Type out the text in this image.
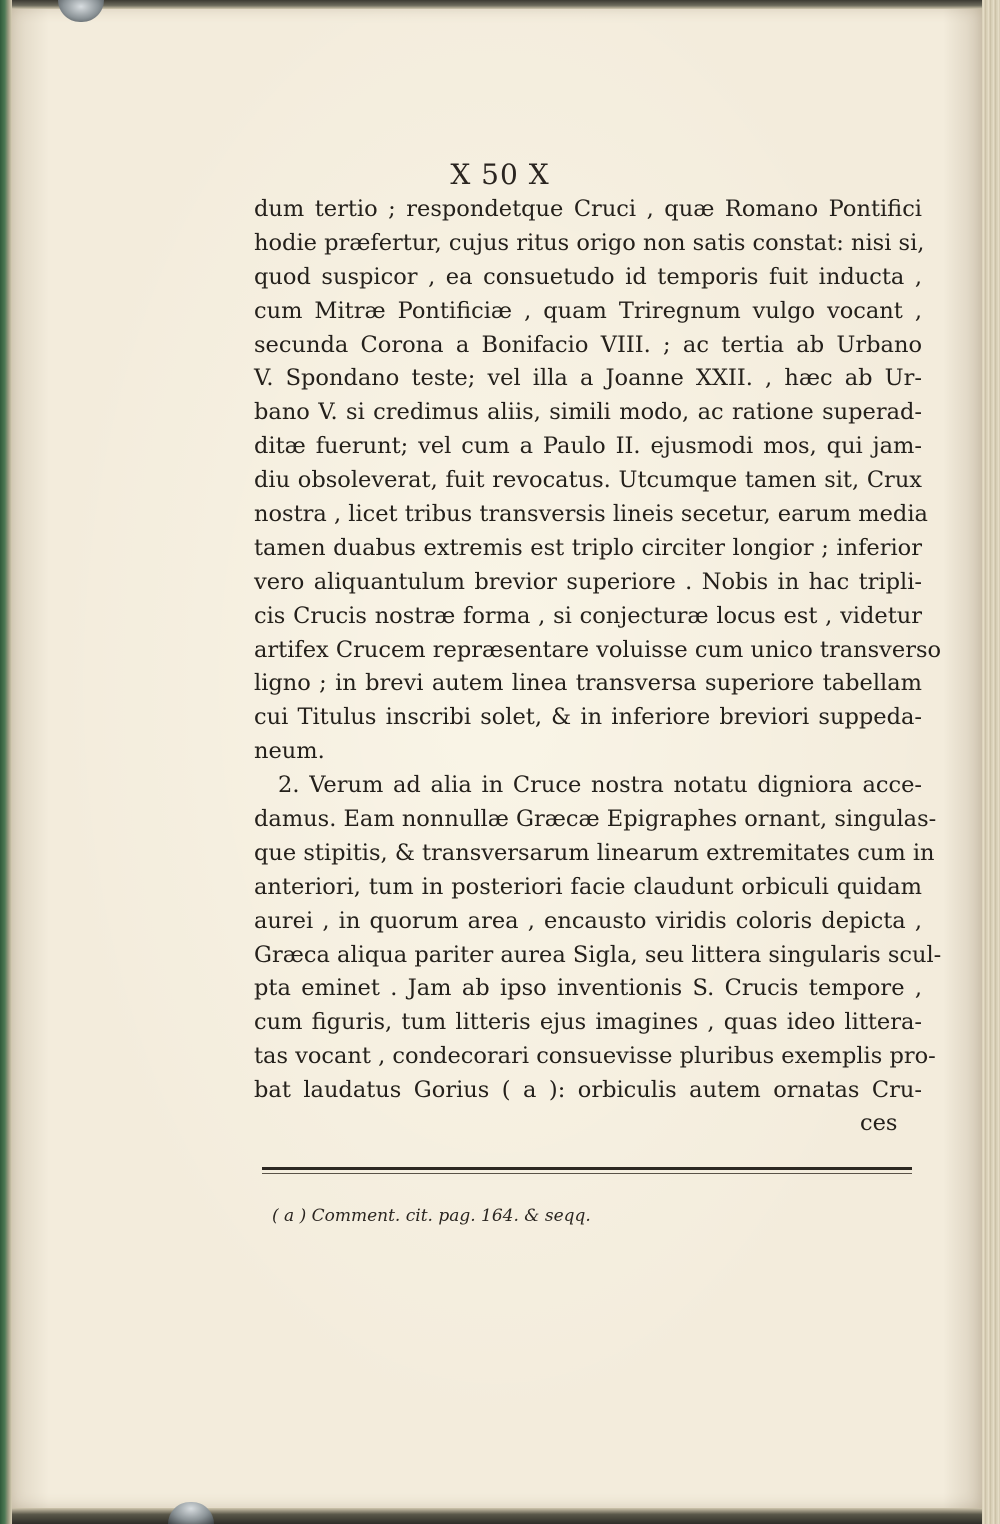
X 50 X
dum tertio ; respondetque Cruci , quæ Romano Pontifici
hodie præfertur, cujus ritus origo non satis constat: nisi si,
quod suspicor , ea consuetudo id temporis fuit inducta ,
cum Mitræ Pontificiæ , quam Triregnum vulgo vocant ,
secunda Corona a Bonifacio VIII. ; ac tertia ab Urbano
V. Spondano teste; vel illa a Joanne XXII. , hæc ab Ur-
bano V. si credimus aliis, simili modo, ac ratione superad-
ditæ fuerunt; vel cum a Paulo II. ejusmodi mos, qui jam-
diu obsoleverat, fuit revocatus. Utcumque tamen sit, Crux
nostra , licet tribus transversis lineis secetur, earum media
tamen duabus extremis est triplo circiter longior ; inferior
vero aliquantulum brevior superiore . Nobis in hac tripli-
cis Crucis nostræ forma , si conjecturæ locus est , videtur
artifex Crucem repræsentare voluisse cum unico transverso
ligno ; in brevi autem linea transversa superiore tabellam
cui Titulus inscribi solet, & in inferiore breviori suppeda-
neum.
2. Verum ad alia in Cruce nostra notatu digniora acce-
damus. Eam nonnullæ Græcæ Epigraphes ornant, singulas-
que stipitis, & transversarum linearum extremitates cum in
anteriori, tum in posteriori facie claudunt orbiculi quidam
aurei , in quorum area , encausto viridis coloris depicta ,
Græca aliqua pariter aurea Sigla, seu littera singularis scul-
pta eminet . Jam ab ipso inventionis S. Crucis tempore ,
cum figuris, tum litteris ejus imagines , quas ideo littera-
tas vocant , condecorari consuevisse pluribus exemplis pro-
bat laudatus Gorius ( a ): orbiculis autem ornatas Cru-
ces
( a ) Comment. cit. pag. 164. & seqq.
